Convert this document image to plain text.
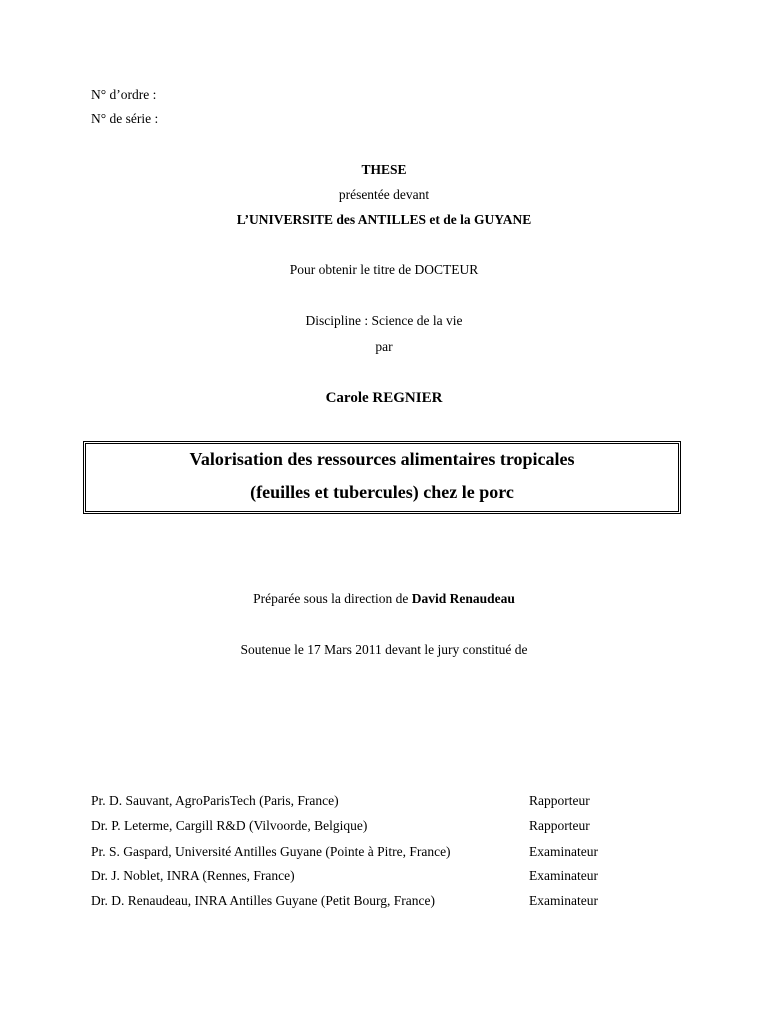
N° d’ordre :
N° de série :
THESE
présentée devant
L’UNIVERSITE des ANTILLES et de la GUYANE
Pour obtenir le titre de DOCTEUR
Discipline : Science de la vie
par
Carole REGNIER
Valorisation des ressources alimentaires tropicales
(feuilles et tubercules) chez le porc
Préparée sous la direction de David Renaudeau
Soutenue le 17 Mars 2011 devant le jury constitué de
Pr. D. Sauvant, AgroParisTech (Paris, France)	Rapporteur
Dr. P. Leterme, Cargill R&D (Vilvoorde, Belgique)	Rapporteur
Pr. S. Gaspard, Université Antilles Guyane (Pointe à Pitre, France)	Examinateur
Dr. J. Noblet, INRA (Rennes, France)	Examinateur
Dr. D. Renaudeau, INRA Antilles Guyane (Petit Bourg, France)	Examinateur
